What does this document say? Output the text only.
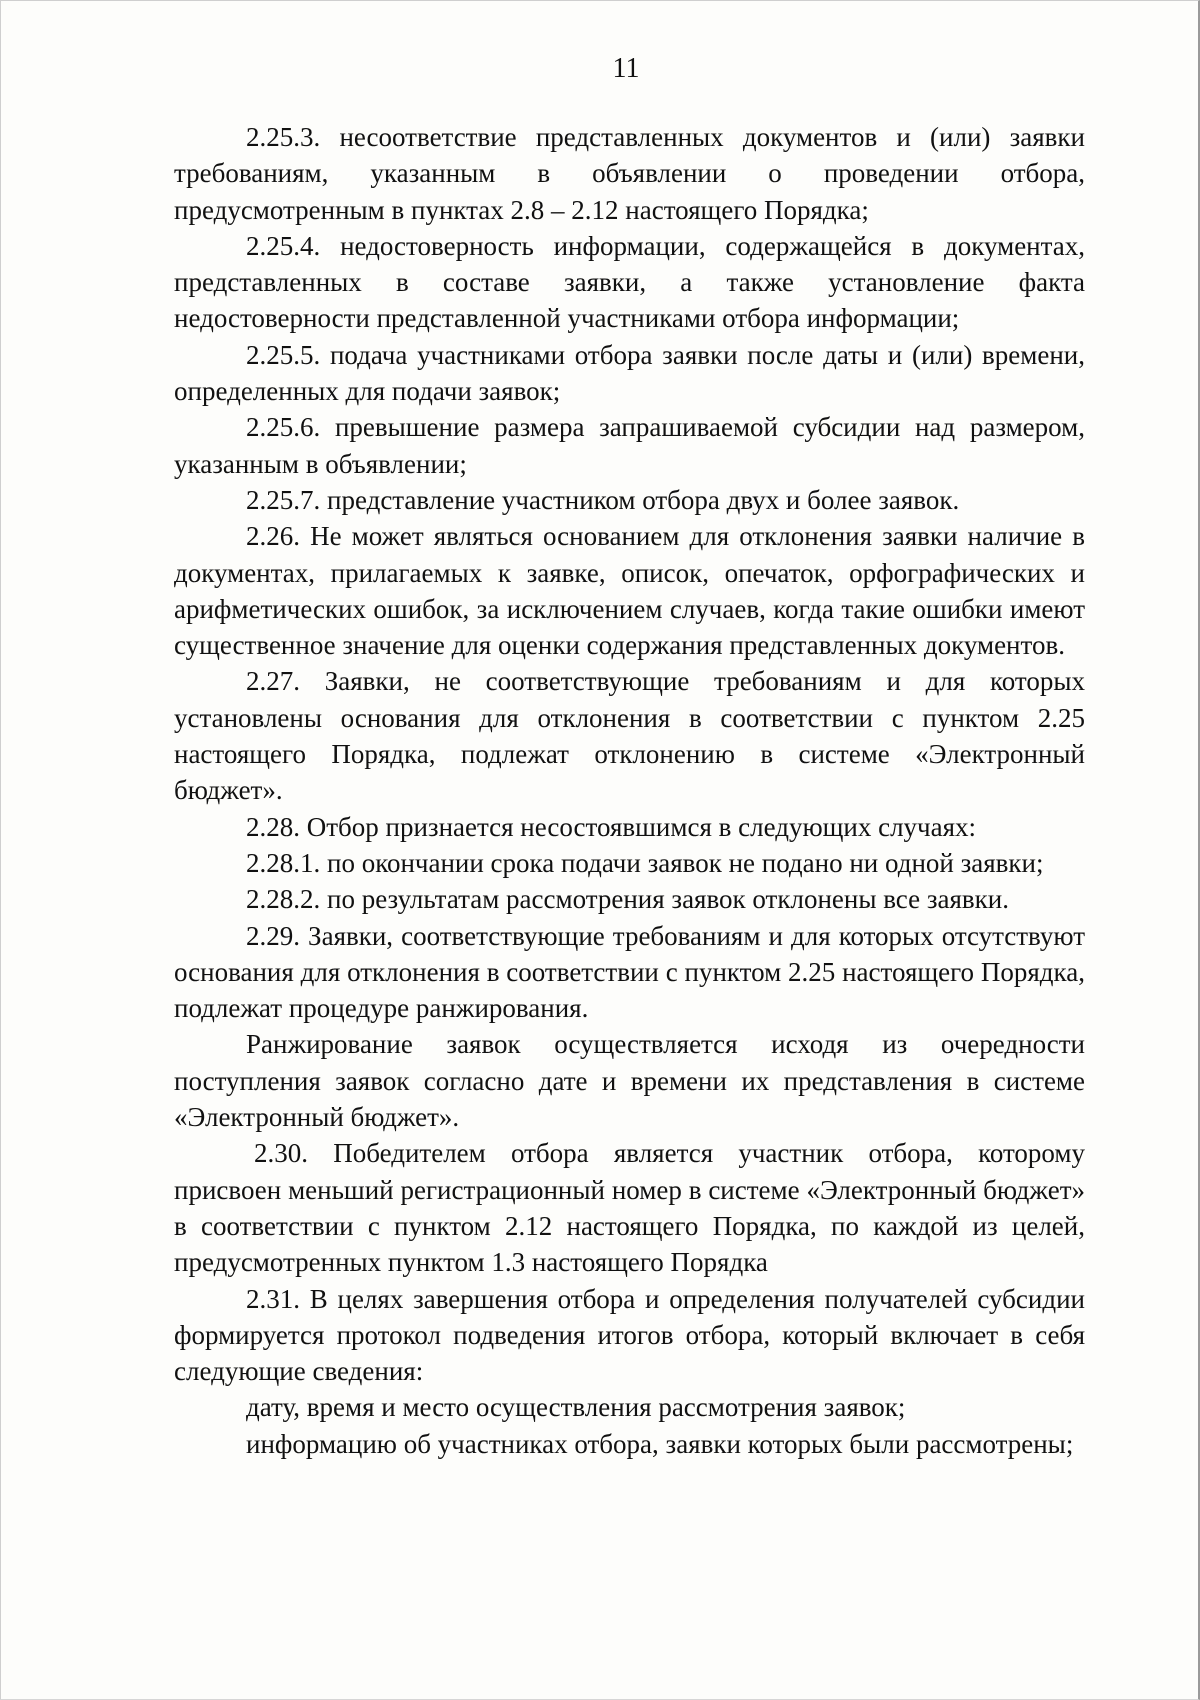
11

2.25.3. несоответствие представленных документов и (или) заявки требованиям, указанным в объявлении о проведении отбора, предусмотренным в пунктах 2.8 – 2.12 настоящего Порядка;

2.25.4. недостоверность информации, содержащейся в документах, представленных в составе заявки, а также установление факта недостоверности представленной участниками отбора информации;

2.25.5. подача участниками отбора заявки после даты и (или) времени, определенных для подачи заявок;

2.25.6. превышение размера запрашиваемой субсидии над размером, указанным в объявлении;

2.25.7. представление участником отбора двух и более заявок.

2.26. Не может являться основанием для отклонения заявки наличие в документах, прилагаемых к заявке, описок, опечаток, орфографических и арифметических ошибок, за исключением случаев, когда такие ошибки имеют существенное значение для оценки содержания представленных документов.

2.27. Заявки, не соответствующие требованиям и для которых установлены основания для отклонения в соответствии с пунктом 2.25 настоящего Порядка, подлежат отклонению в системе «Электронный бюджет».

2.28. Отбор признается несостоявшимся в следующих случаях:

2.28.1. по окончании срока подачи заявок не подано ни одной заявки;

2.28.2. по результатам рассмотрения заявок отклонены все заявки.

2.29. Заявки, соответствующие требованиям и для которых отсутствуют основания для отклонения в соответствии с пунктом 2.25 настоящего Порядка, подлежат процедуре ранжирования.

Ранжирование заявок осуществляется исходя из очередности поступления заявок согласно дате и времени их представления в системе «Электронный бюджет».

2.30. Победителем отбора является участник отбора, которому присвоен меньший регистрационный номер в системе «Электронный бюджет» в соответствии с пунктом 2.12 настоящего Порядка, по каждой из целей, предусмотренных пунктом 1.3 настоящего Порядка

2.31. В целях завершения отбора и определения получателей субсидии формируется протокол подведения итогов отбора, который включает в себя следующие сведения:

дату, время и место осуществления рассмотрения заявок;

информацию об участниках отбора, заявки которых были рассмотрены;
